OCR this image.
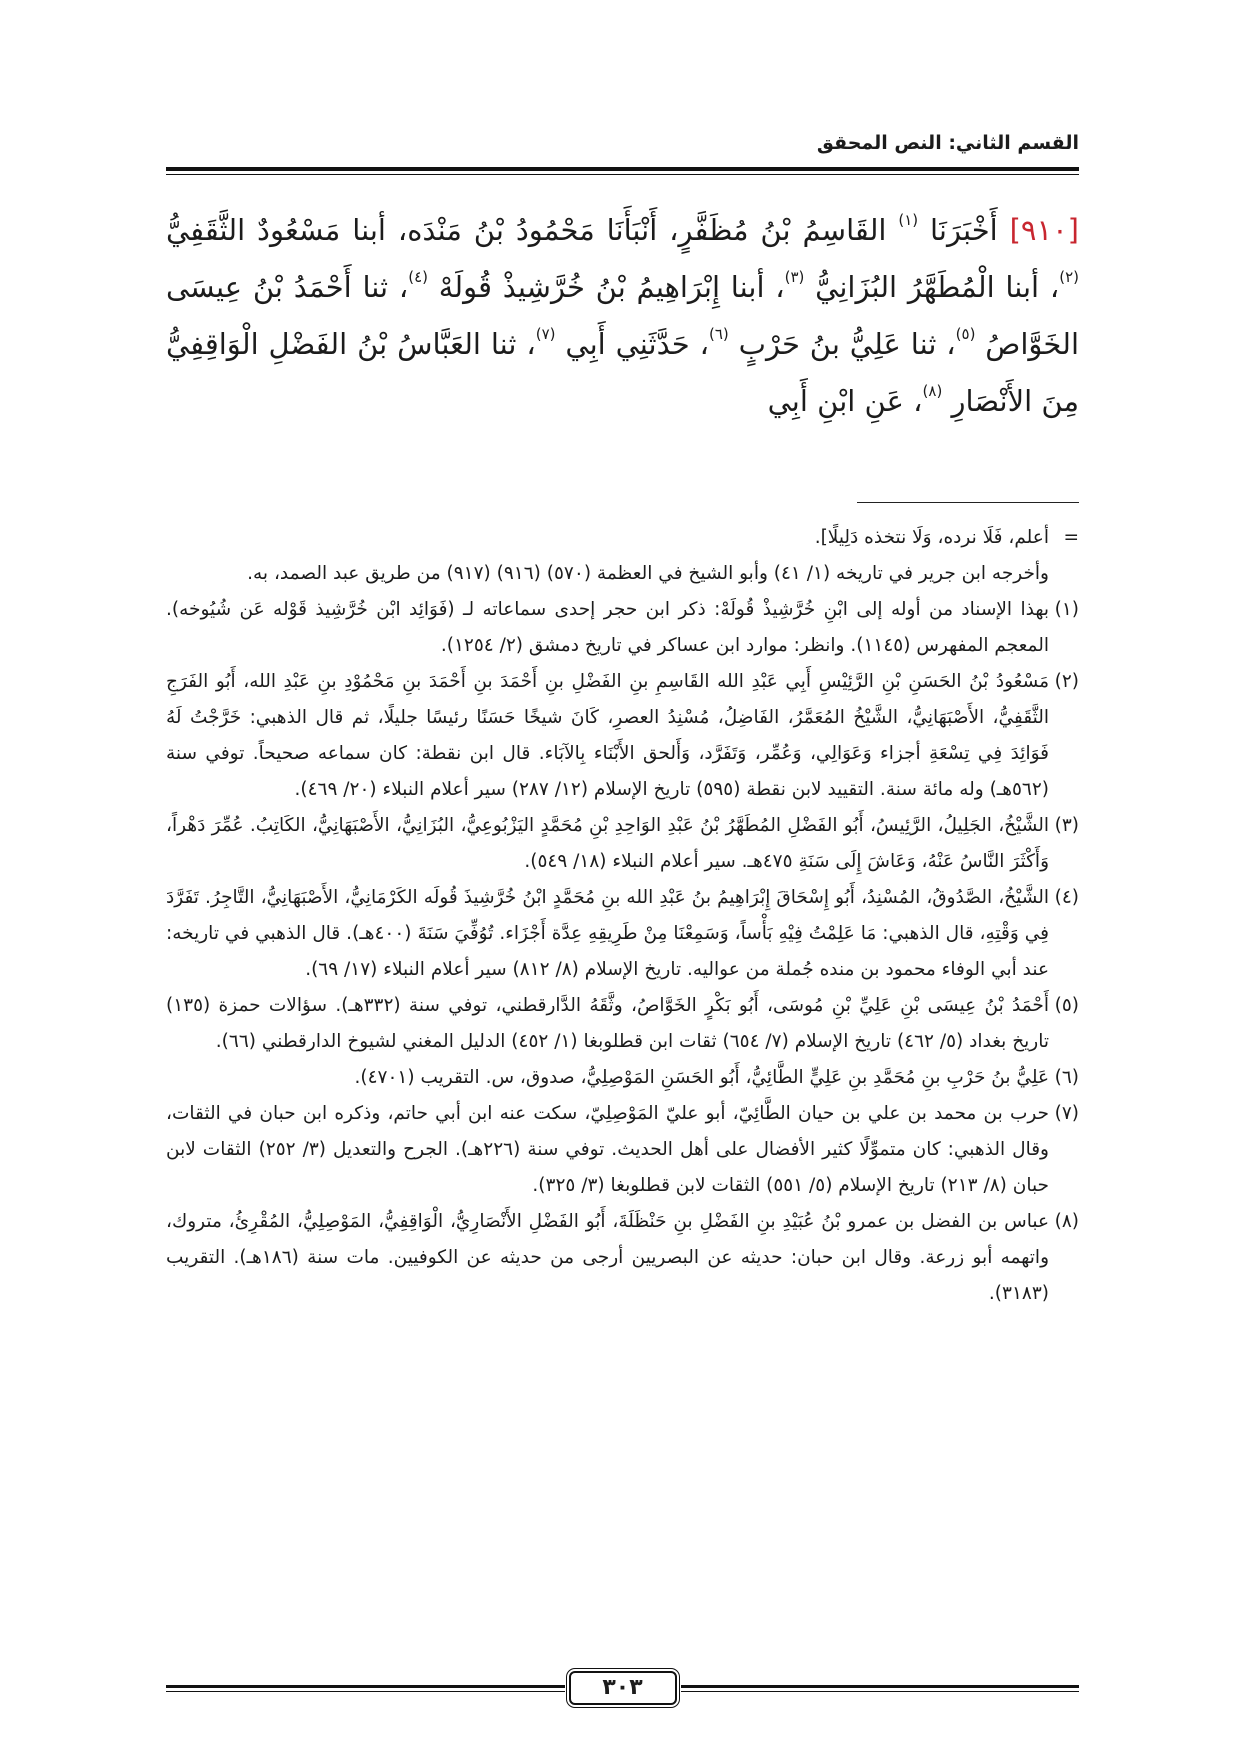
القسم الثاني: النص المحقق

[٩١٠] أَخْبَرَنَا $^{(١)}$ القَاسِمُ بْنُ مُظَفَّرٍ، أَنْبَأَنَا مَحْمُودُ بْنُ مَنْدَه، أبنا مَسْعُودٌ الثَّقَفِيُّ $^{(٢)}$، أبنا الْمُطَهَّرُ البُزَانِيُّ $^{(٣)}$، أبنا إِبْرَاهِيمُ بْنُ خُرَّشِيذْ قُولَهْ $^{(٤)}$، ثنا أَحْمَدُ بْنُ عِيسَى الخَوَّاصُ $^{(٥)}$، ثنا عَلِيُّ بنُ حَرْبٍ $^{(٦)}$، حَدَّثَنِي أَبِي $^{(٧)}$، ثنا العَبَّاسُ بْنُ الفَضْلِ الْوَاقِفِيُّ مِنَ الأَنْصَارِ $^{(٨)}$، عَنِ ابْنِ أَبِي

=أعلم، فَلَا نرده، وَلَا نتخذه دَلِيلًا].
وأخرجه ابن جرير في تاريخه (١/ ٤١) وأبو الشيخ في العظمة (٥٧٠) (٩١٦) (٩١٧) من طريق عبد الصمد، به.
(١)بهذا الإسناد من أوله إلى ابْنِ خُرَّشِيذْ قُولَهْ: ذكر ابن حجر إحدى سماعاته لـ (فَوَائِد ابْن خُرَّشِيذ قَوْله عَن شُيُوخه). المعجم المفهرس (١١٤٥). وانظر: موارد ابن عساكر في تاريخ دمشق (٢/ ١٢٥٤).
(٢)مَسْعُودُ بْنُ الحَسَنِ بْنِ الرَّئِيْسِ أَبِي عَبْدِ الله القَاسِمِ بنِ الفَضْلِ بنِ أَحْمَدَ بنِ أَحْمَدَ بنِ مَحْمُوْدِ بنِ عَبْدِ الله، أَبُو الفَرَجِ الثَّقَفِيُّ، الأَصْبَهَانِيُّ، الشَّيْخُ المُعَمَّرُ، الفَاضِلُ، مُسْنِدُ العصرِ، كَانَ شيخًا حَسَنًا رئيسًا جليلًا، ثم قال الذهبي: خَرَّجْتُ لَهُ فَوَائِدَ فِي تِسْعَةِ أجزاء وَعَوَالِي، وَعُمِّر، وَتَفَرَّد، وَأَلحق الأَبْنَاء بِالآبَاء. قال ابن نقطة: كان سماعه صحيحاً. توفي سنة (٥٦٢هـ) وله مائة سنة. التقييد لابن نقطة (٥٩٥) تاريخ الإسلام (١٢/ ٢٨٧) سير أعلام النبلاء (٢٠/ ٤٦٩).
(٣)الشَّيْخُ، الجَلِيلُ، الرَّئِيسُ، أَبُو الفَضْلِ المُطَهَّرُ بْنُ عَبْدِ الوَاحِدِ بْنِ مُحَمَّدٍ اليَزْبُوعِيُّ، البُزَانِيُّ، الأَصْبَهَانِيُّ، الكَاتِبُ. عُمِّرَ دَهْراً، وَأَكْثَرَ النَّاسُ عَنْهُ، وَعَاشَ إِلَى سَنَةِ ٤٧٥هـ. سير أعلام النبلاء (١٨/ ٥٤٩).
(٤)الشَّيْخُ، الصَّدُوقُ، المُسْنِدُ، أَبُو إِسْحَاقَ إِبْرَاهِيمُ بنُ عَبْدِ الله بنِ مُحَمَّدٍ ابْنُ خُرَّشِيذَ قُولَه الكَرْمَانِيُّ، الأَصْبَهَانِيُّ، التَّاجِرُ. تَفَرَّدَ فِي وَقْتِهِ، قال الذهبي: مَا عَلِمْتُ فِيْهِ بَأْساً، وَسَمِعْنَا مِنْ طَرِيقِهِ عِدَّة أَجْزَاء. تُوُفِّيَ سَنَةَ (٤٠٠هـ). قال الذهبي في تاريخه: عند أبي الوفاء محمود بن منده جُملة من عواليه. تاريخ الإسلام (٨/ ٨١٢) سير أعلام النبلاء (١٧/ ٦٩).
(٥)أَحْمَدُ بْنُ عِيسَى بْنِ عَلِيِّ بْنِ مُوسَى، أَبُو بَكْرٍ الخَوَّاصُ، وثَّقَهُ الدَّارقطني، توفي سنة (٣٣٢هـ). سؤالات حمزة (١٣٥) تاريخ بغداد (٥/ ٤٦٢) تاريخ الإسلام (٧/ ٦٥٤) ثقات ابن قطلوبغا (١/ ٤٥٢) الدليل المغني لشيوخ الدارقطني (٦٦).
(٦)عَلِيُّ بنُ حَرْبِ بنِ مُحَمَّدِ بنِ عَلِيٍّ الطَّائِيُّ، أَبُو الحَسَنِ المَوْصِلِيُّ، صدوق، س. التقريب (٤٧٠١).
(٧)حرب بن محمد بن علي بن حيان الطَّائِيّ، أبو عليّ المَوْصِلِيّ، سكت عنه ابن أبي حاتم، وذكره ابن حبان في الثقات، وقال الذهبي: كان متموِّلًا كثير الأفضال على أهل الحديث. توفي سنة (٢٢٦هـ). الجرح والتعديل (٣/ ٢٥٢) الثقات لابن حبان (٨/ ٢١٣) تاريخ الإسلام (٥/ ٥٥١) الثقات لابن قطلوبغا (٣/ ٣٢٥).
(٨)عباس بن الفضل بن عمرو بْنُ عُبَيْدِ بنِ الفَضْلِ بنِ حَنْظَلَةَ، أَبُو الفَضْلِ الأَنْصَارِيُّ، الْوَاقِفِيُّ، المَوْصِلِيُّ، المُقْرِئُ، متروك، واتهمه أبو زرعة. وقال ابن حبان: حديثه عن البصريين أرجى من حديثه عن الكوفيين. مات سنة (١٨٦هـ). التقريب (٣١٨٣).
٣٠٣
